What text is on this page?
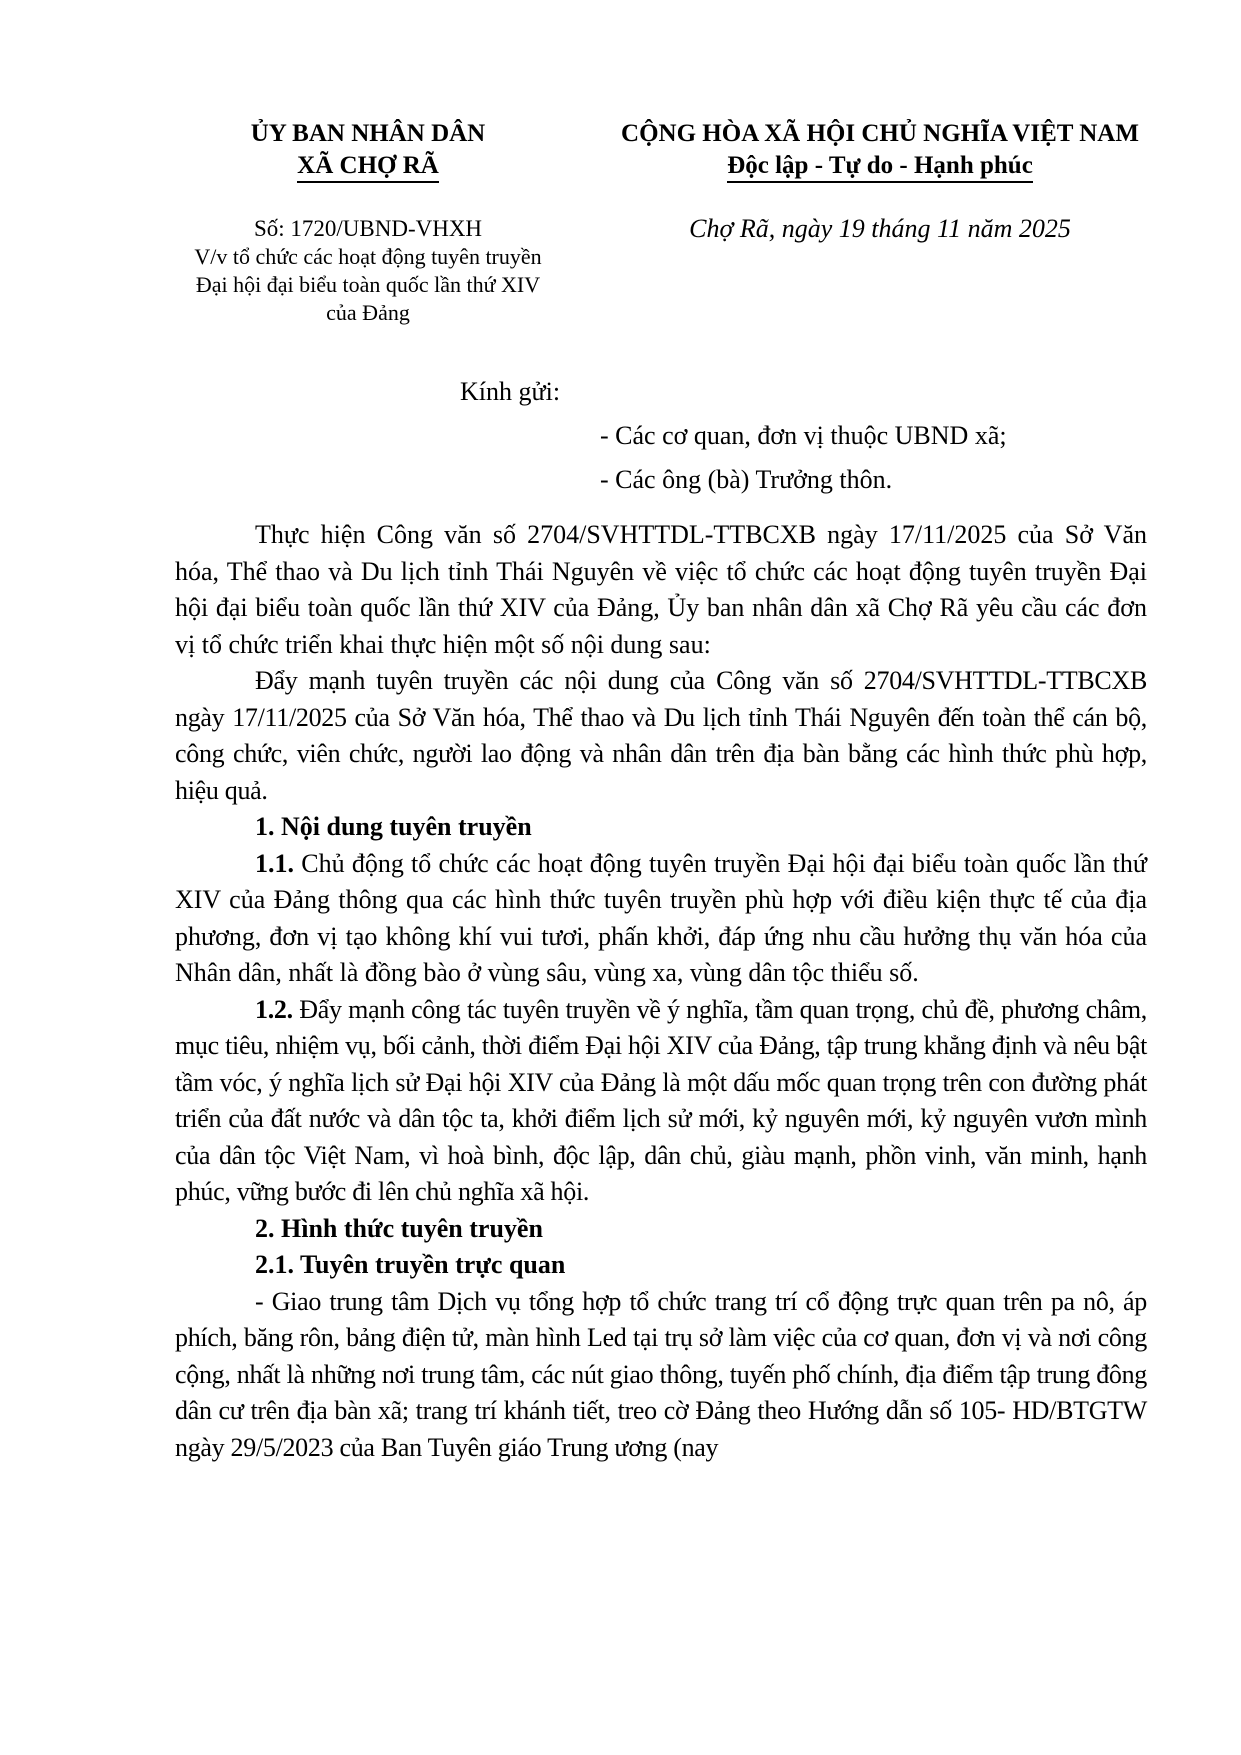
ỦY BAN NHÂN DÂN
XÃ CHỢ RÃ
Số: 1720/UBND-VHXH
V/v tổ chức các hoạt động tuyên truyền Đại hội đại biểu toàn quốc lần thứ XIV của Đảng
CỘNG HÒA XÃ HỘI CHỦ NGHĨA VIỆT NAM
Độc lập - Tự do - Hạnh phúc
Chợ Rã, ngày 19 tháng 11 năm 2025
Kính gửi:
- Các cơ quan, đơn vị thuộc UBND xã;
- Các ông (bà) Trưởng thôn.

Thực hiện Công văn số 2704/SVHTTDL-TTBCXB ngày 17/11/2025 của Sở Văn hóa, Thể thao và Du lịch tỉnh Thái Nguyên về việc tổ chức các hoạt động tuyên truyền Đại hội đại biểu toàn quốc lần thứ XIV của Đảng, Ủy ban nhân dân xã Chợ Rã yêu cầu các đơn vị tổ chức triển khai thực hiện một số nội dung sau:

Đẩy mạnh tuyên truyền các nội dung của Công văn số 2704/SVHTTDL-TTBCXB ngày 17/11/2025 của Sở Văn hóa, Thể thao và Du lịch tỉnh Thái Nguyên đến toàn thể cán bộ, công chức, viên chức, người lao động và nhân dân trên địa bàn bằng các hình thức phù hợp, hiệu quả.

1. Nội dung tuyên truyền

1.1. Chủ động tổ chức các hoạt động tuyên truyền Đại hội đại biểu toàn quốc lần thứ XIV của Đảng thông qua các hình thức tuyên truyền phù hợp với điều kiện thực tế của địa phương, đơn vị tạo không khí vui tươi, phấn khởi, đáp ứng nhu cầu hưởng thụ văn hóa của Nhân dân, nhất là đồng bào ở vùng sâu, vùng xa, vùng dân tộc thiểu số.

1.2. Đẩy mạnh công tác tuyên truyền về ý nghĩa, tầm quan trọng, chủ đề, phương châm, mục tiêu, nhiệm vụ, bối cảnh, thời điểm Đại hội XIV của Đảng, tập trung khẳng định và nêu bật tầm vóc, ý nghĩa lịch sử Đại hội XIV của Đảng là một dấu mốc quan trọng trên con đường phát triển của đất nước và dân tộc ta, khởi điểm lịch sử mới, kỷ nguyên mới, kỷ nguyên vươn mình của dân tộc Việt Nam, vì hoà bình, độc lập, dân chủ, giàu mạnh, phồn vinh, văn minh, hạnh phúc, vững bước đi lên chủ nghĩa xã hội.

2. Hình thức tuyên truyền

2.1. Tuyên truyền trực quan

- Giao trung tâm Dịch vụ tổng hợp tổ chức trang trí cổ động trực quan trên pa nô, áp phích, băng rôn, bảng điện tử, màn hình Led tại trụ sở làm việc của cơ quan, đơn vị và nơi công cộng, nhất là những nơi trung tâm, các nút giao thông, tuyến phố chính, địa điểm tập trung đông dân cư trên địa bàn xã; trang trí khánh tiết, treo cờ Đảng theo Hướng dẫn số 105- HD/BTGTW ngày 29/5/2023 của Ban Tuyên giáo Trung ương (nay
